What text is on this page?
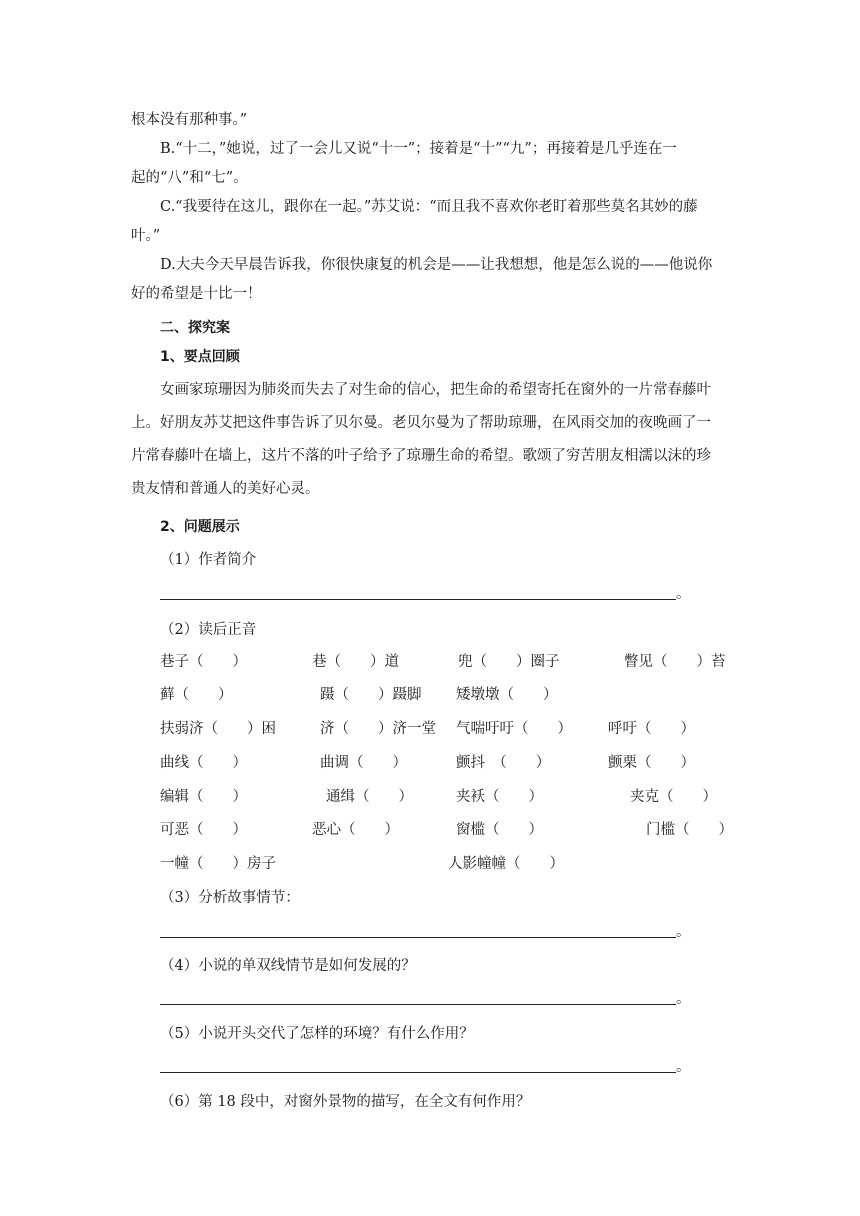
根本没有那种事。”
B.“十二，”她说，过了一会儿又说“十一”；接着是“十”“九”；再接着是几乎连在一
起的“八”和“七”。
C.“我要待在这儿，跟你在一起。”苏艾说：“而且我不喜欢你老盯着那些莫名其妙的藤
叶。”
D.大夫今天早晨告诉我，你很快康复的机会是——让我想想，他是怎么说的——他说你
好的希望是十比一！
二、探究案
1、要点回顾
女画家琼珊因为肺炎而失去了对生命的信心，把生命的希望寄托在窗外的一片常春藤叶
上。好朋友苏艾把这件事告诉了贝尔曼。老贝尔曼为了帮助琼珊，在风雨交加的夜晚画了一
片常春藤叶在墙上，这片不落的叶子给予了琼珊生命的希望。歌颂了穷苦朋友相濡以沫的珍
贵友情和普通人的美好心灵。
2、问题展示
（1）作者简介
。
（2）读后正音
巷子（　　）	巷（　　）道	兜（　　）圈子	瞥见（　　）苔
藓（　　）	蹑（　　）蹑脚 矮墩墩（　　）
扶弱济（　　）困	济（　　）济一堂 气喘吁吁（　　） 呼吁（　　）
曲线（　　）	曲调（　　）	颤抖　（　　）	颤栗（　　）
编辑（　　）	通缉（　　）	夹袄（　　）	夹克（　　）
可恶（　　）	恶心（　　）	窗槛（　　）	门槛（　　）
一幢（　　）房子	人影幢幢（　　）
（3）分析故事情节：
。
（4）小说的单双线情节是如何发展的？
。
（5）小说开头交代了怎样的环境？有什么作用？
。
（6）第 18 段中，对窗外景物的描写，在全文有何作用？
